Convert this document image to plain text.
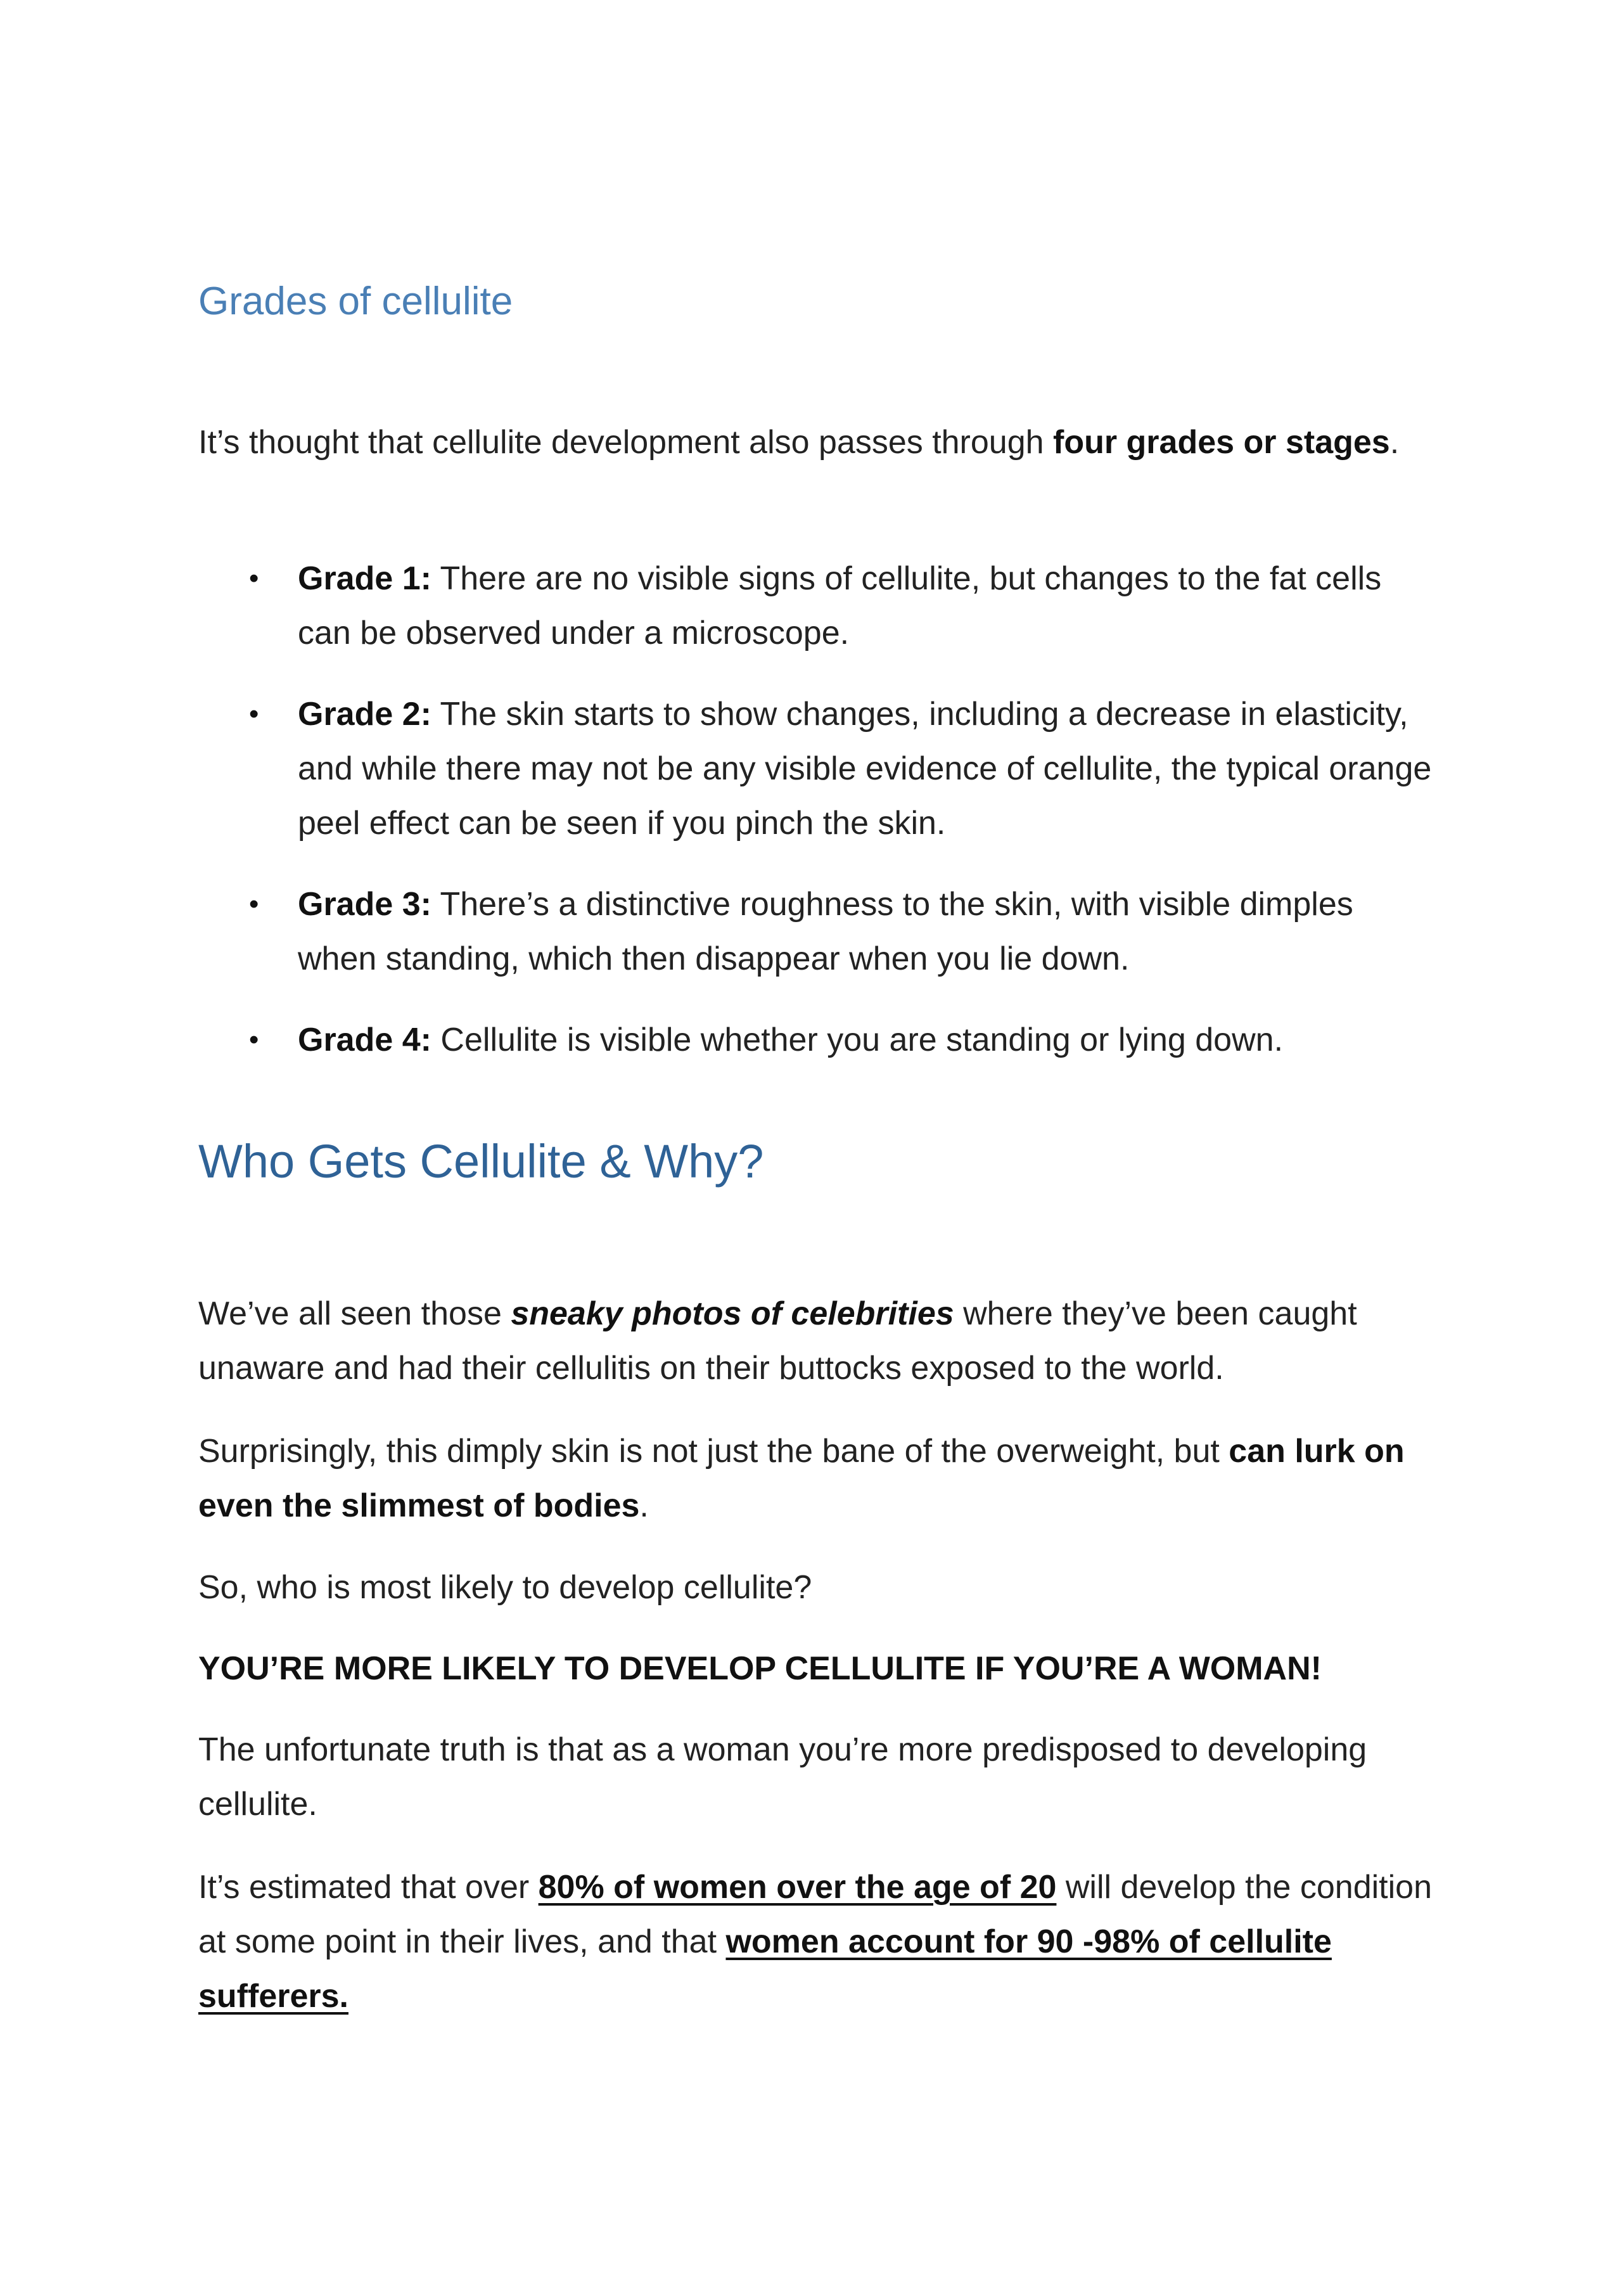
Grades of cellulite

It’s thought that cellulite development also passes through four grades or stages.

• Grade 1: There are no visible signs of cellulite, but changes to the fat cells can be observed under a microscope.
• Grade 2: The skin starts to show changes, including a decrease in elasticity, and while there may not be any visible evidence of cellulite, the typical orange peel effect can be seen if you pinch the skin.
• Grade 3: There’s a distinctive roughness to the skin, with visible dimples when standing, which then disappear when you lie down.
• Grade 4: Cellulite is visible whether you are standing or lying down.
Who Gets Cellulite & Why?

We’ve all seen those sneaky photos of celebrities where they’ve been caught unaware and had their cellulitis on their buttocks exposed to the world.

Surprisingly, this dimply skin is not just the bane of the overweight, but can lurk on even the slimmest of bodies.

So, who is most likely to develop cellulite?

YOU’RE MORE LIKELY TO DEVELOP CELLULITE IF YOU’RE A WOMAN!

The unfortunate truth is that as a woman you’re more predisposed to developing cellulite.

It’s estimated that over 80% of women over the age of 20 will develop the condition at some point in their lives, and that women account for 90 -98% of cellulite sufferers.
